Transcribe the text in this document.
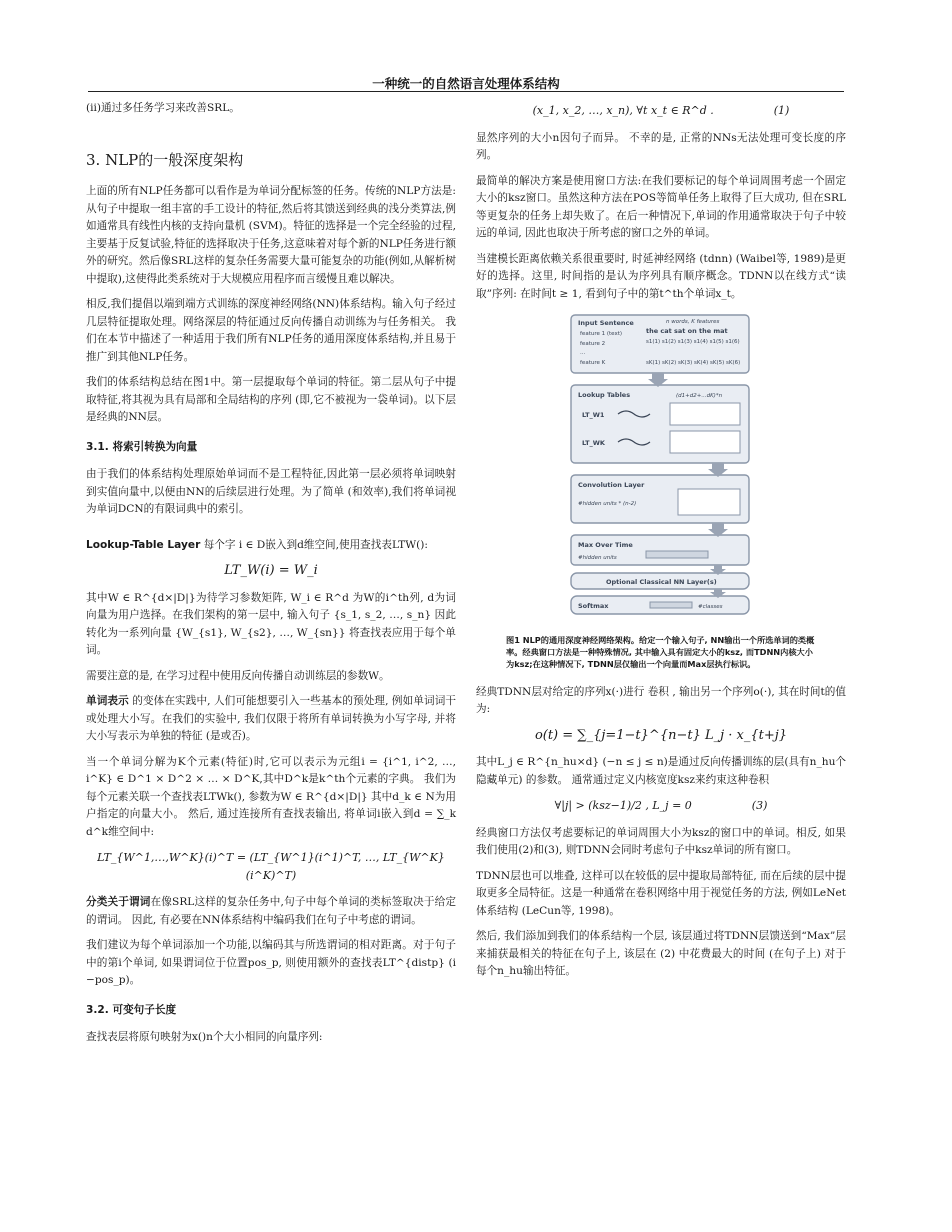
一种统一的自然语言处理体系结构

(ii)通过多任务学习来改善SRL。

3. NLP的一般深度架构

上面的所有NLP任务都可以看作是为单词分配标签的任务。传统的NLP方法是:从句子中提取一组丰富的手工设计的特征,然后将其馈送到经典的浅分类算法,例如通常具有线性内核的支持向量机 (SVM)。特征的选择是一个完全经验的过程,主要基于反复试验,特征的选择取决于任务,这意味着对每个新的NLP任务进行额外的研究。然后像SRL这样的复杂任务需要大量可能复杂的功能(例如,从解析树中提取),这使得此类系统对于大规模应用程序而言缓慢且难以解决。

相反,我们提倡以端到端方式训练的深度神经网络(NN)体系结构。输入句子经过几层特征提取处理。网络深层的特征通过反向传播自动训练为与任务相关。 我们在本节中描述了一种适用于我们所有NLP任务的通用深度体系结构,并且易于推广到其他NLP任务。

我们的体系结构总结在图1中。第一层提取每个单词的特征。第二层从句子中提取特征,将其视为具有局部和全局结构的序列 (即,它不被视为一袋单词)。以下层是经典的NN层。

3.1. 将索引转换为向量

由于我们的体系结构处理原始单词而不是工程特征,因此第一层必须将单词映射到实值向量中,以便由NN的后续层进行处理。为了简单 (和效率),我们将单词视为单词DCN的有限词典中的索引。

Lookup-Table Layer 每个字 i ∈ D嵌入到d维空间,使用查找表LTW():

LT_W(i) = W_i

其中W ∈ R^{d×|D|}为待学习参数矩阵, W_i ∈ R^d 为W的i^th列, d为词向量为用户选择。在我们架构的第一层中, 输入句子 {s_1, s_2, …, s_n} 因此转化为一系列向量 {W_{s1}, W_{s2}, …, W_{sn}} 将查找表应用于每个单词。

需要注意的是, 在学习过程中使用反向传播自动训练层的参数W。

单词表示 的变体在实践中, 人们可能想要引入一些基本的预处理, 例如单词词干或处理大小写。在我们的实验中, 我们仅限于将所有单词转换为小写字母, 并将大小写表示为单独的特征 (是或否)。

当一个单词分解为K个元素(特征)时,它可以表示为元组i = {i^1, i^2, …, i^K} ∈ D^1 × D^2 × … × D^K,其中D^k是k^th个元素的字典。 我们为每个元素关联一个查找表LTWk(), 参数为W ∈ R^{d×|D|} 其中d_k ∈ N为用户指定的向量大小。 然后, 通过连接所有查找表输出, 将单词i嵌入到d = ∑_k d^k维空间中:

LT_{W^1,…,W^K}(i)^T = (LT_{W^1}(i^1)^T, …, LT_{W^K}(i^K)^T)

分类关于谓词在像SRL这样的复杂任务中,句子中每个单词的类标签取决于给定的谓词。 因此, 有必要在NN体系结构中编码我们在句子中考虑的谓词。

我们建议为每个单词添加一个功能,以编码其与所选谓词的相对距离。对于句子中的第i个单词, 如果谓词位于位置pos_p, 则使用额外的查找表LT^{distp} (i −pos_p)。

3.2. 可变句子长度

查找表层将原句映射为x()n个大小相同的向量序列:

(x_1, x_2, …, x_n), ∀t x_t ∈ R^d .	(1)

显然序列的大小n因句子而异。 不幸的是, 正常的NNs无法处理可变长度的序列。

最简单的解决方案是使用窗口方法:在我们要标记的每个单词周围考虑一个固定大小的ksz窗口。虽然这种方法在POS等简单任务上取得了巨大成功, 但在SRL等更复杂的任务上却失败了。在后一种情况下,单词的作用通常取决于句子中较远的单词, 因此也取决于所考虑的窗口之外的单词。

当建模长距离依赖关系很重要时, 时延神经网络 (tdnn) (Waibel等, 1989)是更好的选择。这里, 时间指的是认为序列具有顺序概念。TDNN以在线方式“读取”序列: 在时间t ≥ 1, 看到句子中的第t^th个单词x_t。

Input Sentence	n words, K features
the cat sat on the mat
feature 1 (text)
feature 2	s1(1) s1(2) s1(3) s1(4) s1(5) s1(6)
...
feature K	sK(1) sK(2) sK(3) sK(4) sK(5) sK(6)
Lookup Tables	(d1+d2+...dK)*n
LT_W1
LT_WK
Convolution Layer
#hidden units * (n-2)
Max Over Time
#hidden units
Optional Classical NN Layer(s)
Softmax	#classes
图1 NLP的通用深度神经网络架构。给定一个输入句子, NN输出一个所选单词的类概率。经典窗口方法是一种特殊情况, 其中输入具有固定大小的ksz, 而TDNN内核大小为ksz;在这种情况下, TDNN层仅输出一个向量而Max层执行标识。

经典TDNN层对给定的序列x(·)进行 卷积 , 输出另一个序列o(·), 其在时间t的值为:

o(t) = ∑_{j=1−t}^{n−t} L_j · x_{t+j}

其中L_j ∈ R^{n_hu×d} (−n ≤ j ≤ n)是通过反向传播训练的层(具有n_hu个隐藏单元) 的参数。 通常通过定义内核宽度ksz来约束这种卷积

∀|j| > (ksz−1)/2 , L_j = 0	(3)

经典窗口方法仅考虑要标记的单词周围大小为ksz的窗口中的单词。相反, 如果我们使用(2)和(3), 则TDNN会同时考虑句子中ksz单词的所有窗口。

TDNN层也可以堆叠, 这样可以在较低的层中提取局部特征, 而在后续的层中提取更多全局特征。这是一种通常在卷积网络中用于视觉任务的方法, 例如LeNet体系结构 (LeCun等, 1998)。

然后, 我们添加到我们的体系结构一个层, 该层通过将TDNN层馈送到“Max”层来捕获最相关的特征在句子上, 该层在 (2) 中花费最大的时间 (在句子上) 对于每个n_hu输出特征。
